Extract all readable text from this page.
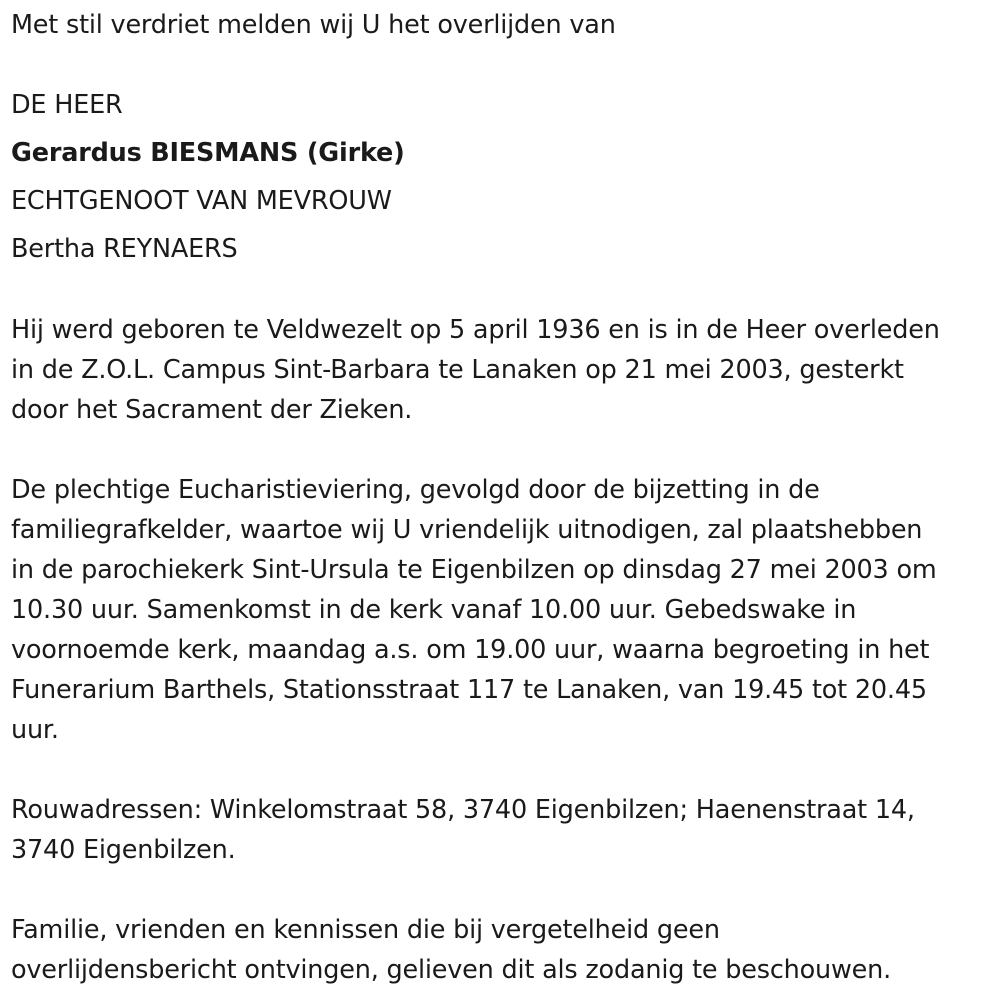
Met stil verdriet melden wij U het overlijden van
DE HEER
Gerardus BIESMANS (Girke)
ECHTGENOOT VAN MEVROUW
Bertha REYNAERS
Hij werd geboren te Veldwezelt op 5 april 1936 en is in de Heer overleden
in de Z.O.L. Campus Sint-Barbara te Lanaken op 21 mei 2003, gesterkt
door het Sacrament der Zieken.
De plechtige Eucharistieviering, gevolgd door de bijzetting in de
familiegrafkelder, waartoe wij U vriendelijk uitnodigen, zal plaatshebben
in de parochiekerk Sint-Ursula te Eigenbilzen op dinsdag 27 mei 2003 om
10.30 uur. Samenkomst in de kerk vanaf 10.00 uur. Gebedswake in
voornoemde kerk, maandag a.s. om 19.00 uur, waarna begroeting in het
Funerarium Barthels, Stationsstraat 117 te Lanaken, van 19.45 tot 20.45
uur.
Rouwadressen: Winkelomstraat 58, 3740 Eigenbilzen; Haenenstraat 14,
3740 Eigenbilzen.
Familie, vrienden en kennissen die bij vergetelheid geen
overlijdensbericht ontvingen, gelieven dit als zodanig te beschouwen.
